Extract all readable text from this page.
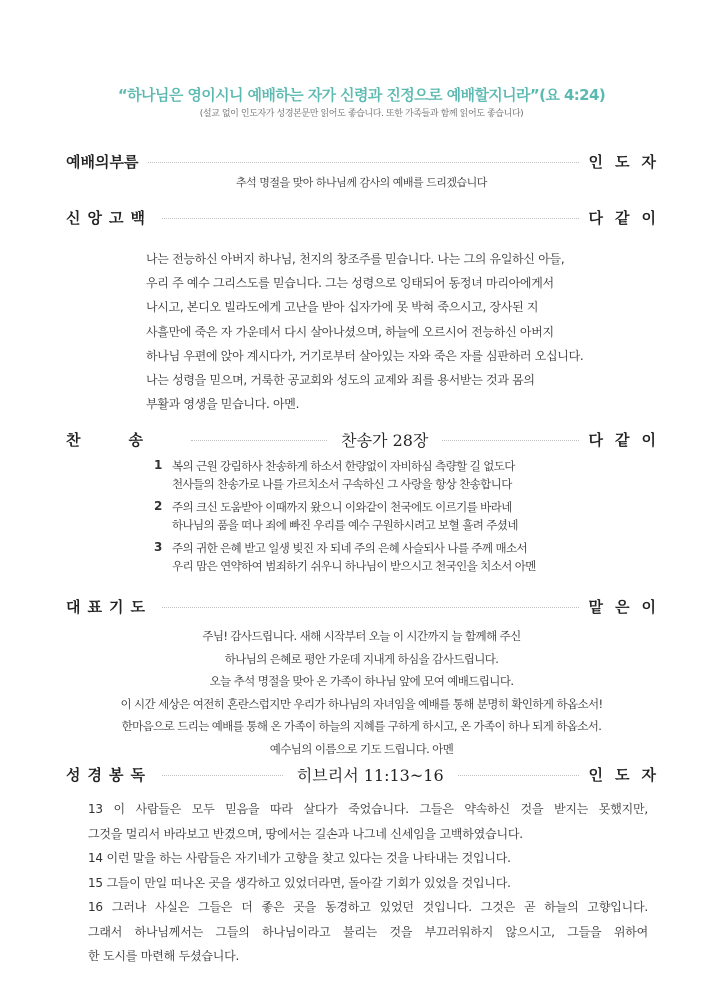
“하나님은 영이시니 예배하는 자가 신령과 진정으로 예배할지니라”(요 4:24)
(설교 없이 인도자가 성경본문만 읽어도 좋습니다. 또한 가족들과 함께 읽어도 좋습니다)
예배의부름	인도자
추석 명절을 맞아 하나님께 감사의 예배를 드리겠습니다
신앙고백	다같이
나는 전능하신 아버지 하나님, 천지의 창조주를 믿습니다. 나는 그의 유일하신 아들,
우리 주 예수 그리스도를 믿습니다. 그는 성령으로 잉태되어 동정녀 마리아에게서
나시고, 본디오 빌라도에게 고난을 받아 십자가에 못 박혀 죽으시고, 장사된 지
사흘만에 죽은 자 가운데서 다시 살아나셨으며, 하늘에 오르시어 전능하신 아버지
하나님 우편에 앉아 계시다가, 거기로부터 살아있는 자와 죽은 자를 심판하러 오십니다.
나는 성령을 믿으며, 거룩한 공교회와 성도의 교제와 죄를 용서받는 것과 몸의
부활과 영생을 믿습니다. 아멘.
찬송	찬송가 28장	다같이
1 복의 근원 강림하사 찬송하게 하소서 한량없이 자비하심 측량할 길 없도다
천사들의 찬송가로 나를 가르치소서 구속하신 그 사랑을 항상 찬송합니다
2 주의 크신 도움받아 이때까지 왔으니 이와같이 천국에도 이르기를 바라네
하나님의 품을 떠나 죄에 빠진 우리를 예수 구원하시려고 보혈 흘려 주셨네
3 주의 귀한 은혜 받고 일생 빚진 자 되네 주의 은혜 사슬되사 나를 주께 매소서
우리 맘은 연약하여 범죄하기 쉬우니 하나님이 받으시고 천국인을 치소서 아멘
대표기도	맡은이
주님! 감사드립니다. 새해 시작부터 오늘 이 시간까지 늘 함께해 주신
하나님의 은혜로 평안 가운데 지내게 하심을 감사드립니다.
오늘 추석 명절을 맞아 온 가족이 하나님 앞에 모여 예배드립니다.
이 시간 세상은 여전히 혼란스럽지만 우리가 하나님의 자녀임을 예배를 통해 분명히 확인하게 하옵소서!
한마음으로 드리는 예배를 통해 온 가족이 하늘의 지혜를 구하게 하시고, 온 가족이 하나 되게 하옵소서.
예수님의 이름으로 기도 드립니다. 아멘
성경봉독	히브리서 11:13~16	인도자
13 이 사람들은 모두 믿음을 따라 살다가 죽었습니다. 그들은 약속하신 것을 받지는 못했지만,
그것을 멀리서 바라보고 반겼으며, 땅에서는 길손과 나그네 신세임을 고백하였습니다.
14 이런 말을 하는 사람들은 자기네가 고향을 찾고 있다는 것을 나타내는 것입니다.
15 그들이 만일 떠나온 곳을 생각하고 있었더라면, 돌아갈 기회가 있었을 것입니다.
16 그러나 사실은 그들은 더 좋은 곳을 동경하고 있었던 것입니다. 그것은 곧 하늘의 고향입니다.
그래서 하나님께서는 그들의 하나님이라고 불리는 것을 부끄러워하지 않으시고, 그들을 위하여
한 도시를 마련해 두셨습니다.
